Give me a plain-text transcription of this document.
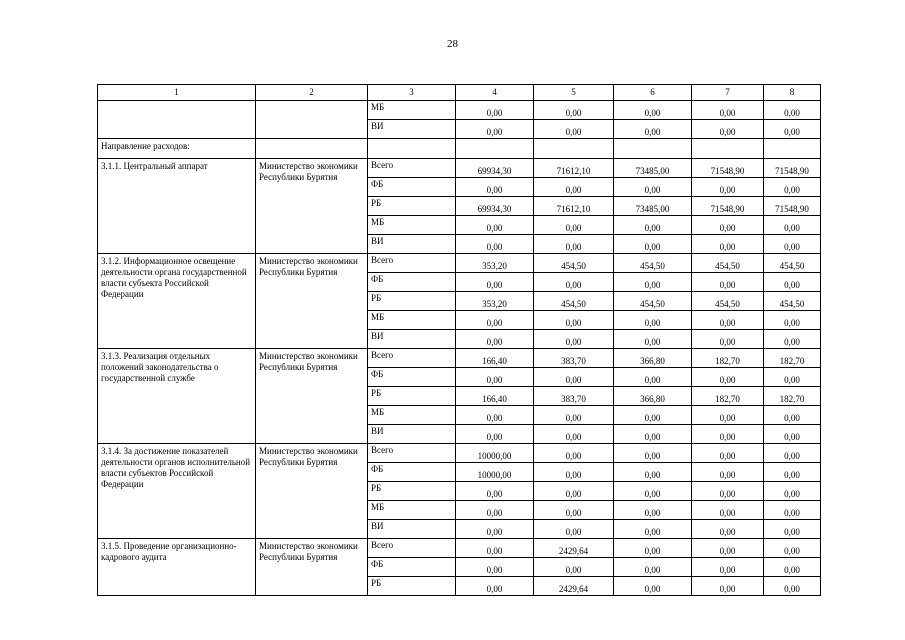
28
1	2	3	4	5	6	7	8
		МБ	0,00	0,00	0,00	0,00	0,00
		ВИ	0,00	0,00	0,00	0,00	0,00
Направление расходов:							
3.1.1. Центральный аппарат	Министерство экономики Республики Бурятия	Всего	69934,30	71612,10	73485,00	71548,90	71548,90
		ФБ	0,00	0,00	0,00	0,00	0,00
		РБ	69934,30	71612,10	73485,00	71548,90	71548,90
		МБ	0,00	0,00	0,00	0,00	0,00
		ВИ	0,00	0,00	0,00	0,00	0,00
3.1.2. Информационное освещение деятельности органа государственной власти субъекта Российской Федерации	Министерство экономики Республики Бурятия	Всего	353,20	454,50	454,50	454,50	454,50
		ФБ	0,00	0,00	0,00	0,00	0,00
		РБ	353,20	454,50	454,50	454,50	454,50
		МБ	0,00	0,00	0,00	0,00	0,00
		ВИ	0,00	0,00	0,00	0,00	0,00
3.1.3. Реализация отдельных положений законодательства о государственной службе	Министерство экономики Республики Бурятия	Всего	166,40	383,70	366,80	182,70	182,70
		ФБ	0,00	0,00	0,00	0,00	0,00
		РБ	166,40	383,70	366,80	182,70	182,70
		МБ	0,00	0,00	0,00	0,00	0,00
		ВИ	0,00	0,00	0,00	0,00	0,00
3.1.4. За достижение показателей деятельности органов исполнительной власти субъектов Российской Федерации	Министерство экономики Республики Бурятия	Всего	10000,00	0,00	0,00	0,00	0,00
		ФБ	10000,00	0,00	0,00	0,00	0,00
		РБ	0,00	0,00	0,00	0,00	0,00
		МБ	0,00	0,00	0,00	0,00	0,00
		ВИ	0,00	0,00	0,00	0,00	0,00
3.1.5. Проведение организационно-кадрового аудита	Министерство экономики Республики Бурятия	Всего	0,00	2429,64	0,00	0,00	0,00
		ФБ	0,00	0,00	0,00	0,00	0,00
		РБ	0,00	2429,64	0,00	0,00	0,00
